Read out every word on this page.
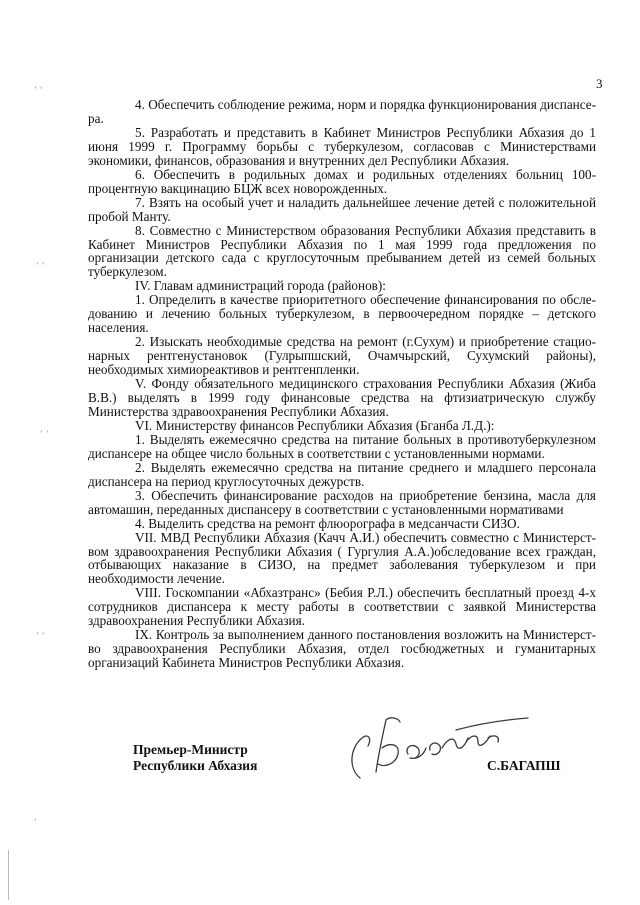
3

4. Обеспечить соблюдение режима, норм и порядка функционирования диспансе-ра.

5. Разработать и представить в Кабинет Министров Республики Абхазия до 1 июня 1999 г. Программу борьбы с туберкулезом, согласовав с Министерствами экономики, финансов, образования и внутренних дел Республики Абхазия.

6. Обеспечить в родильных домах и родильных отделениях больниц 100-процентную вакцинацию БЦЖ всех новорожденных.

7. Взять на особый учет и наладить дальнейшее лечение детей с положительной пробой Манту.

8. Совместно с Министерством образования Республики Абхазия представить в Кабинет Министров Республики Абхазия по 1 мая 1999 года предложения по организации детского сада с круглосуточным пребыванием детей из семей больных туберкулезом.

IV. Главам администраций города (районов):

1. Определить в качестве приоритетного обеспечение финансирования по обсле-дованию и лечению больных туберкулезом, в первоочередном порядке – детского населения.

2. Изыскать необходимые средства на ремонт (г.Сухум) и приобретение стацио-нарных рентгенустановок (Гулрыпшский, Очамчырский, Сухумский районы), необходимых химиореактивов и рентгенпленки.

V. Фонду обязательного медицинского страхования Республики Абхазия (Жиба В.В.) выделять в 1999 году финансовые средства на фтизиатрическую службу Министерства здравоохранения Республики Абхазия.

VI. Министерству финансов Республики Абхазия (Бганба Л.Д.):

1. Выделять ежемесячно средства на питание больных в противотуберкулезном диспансере на общее число больных в соответствии с установленными нормами.

2. Выделять ежемесячно средства на питание среднего и младшего персонала диспансера на период круглосуточных дежурств.

3. Обеспечить финансирование расходов на приобретение бензина, масла для автомашин, переданных диспансеру в соответствии с установленными нормативами

4. Выделить средства на ремонт флюорографа в медсанчасти СИЗО.

VII. МВД Республики Абхазия (Качч А.И.) обеспечить совместно с Министерст-вом здравоохранения Республики Абхазия ( Гургулия А.А.)обследование всех граждан, отбывающих наказание в СИЗО, на предмет заболевания туберкулезом и при необходимости лечение.

VIII. Госкомпании «Абхазтранс» (Бебия Р.Л.) обеспечить бесплатный проезд 4-х сотрудников диспансера к месту работы в соответствии с заявкой Министерства здравоохранения Республики Абхазия.

IX. Контроль за выполнением данного постановления возложить на Министерст-во здравоохранения Республики Абхазия, отдел госбюджетных и гуманитарных организаций Кабинета Министров Республики Абхазия.

Премьер-Министр
Республики Абхазия	С.БАГАПШ
ʻ ʻ
ʼ ʼ
ʻ ʼ
ʼ ʻ
ʻ
